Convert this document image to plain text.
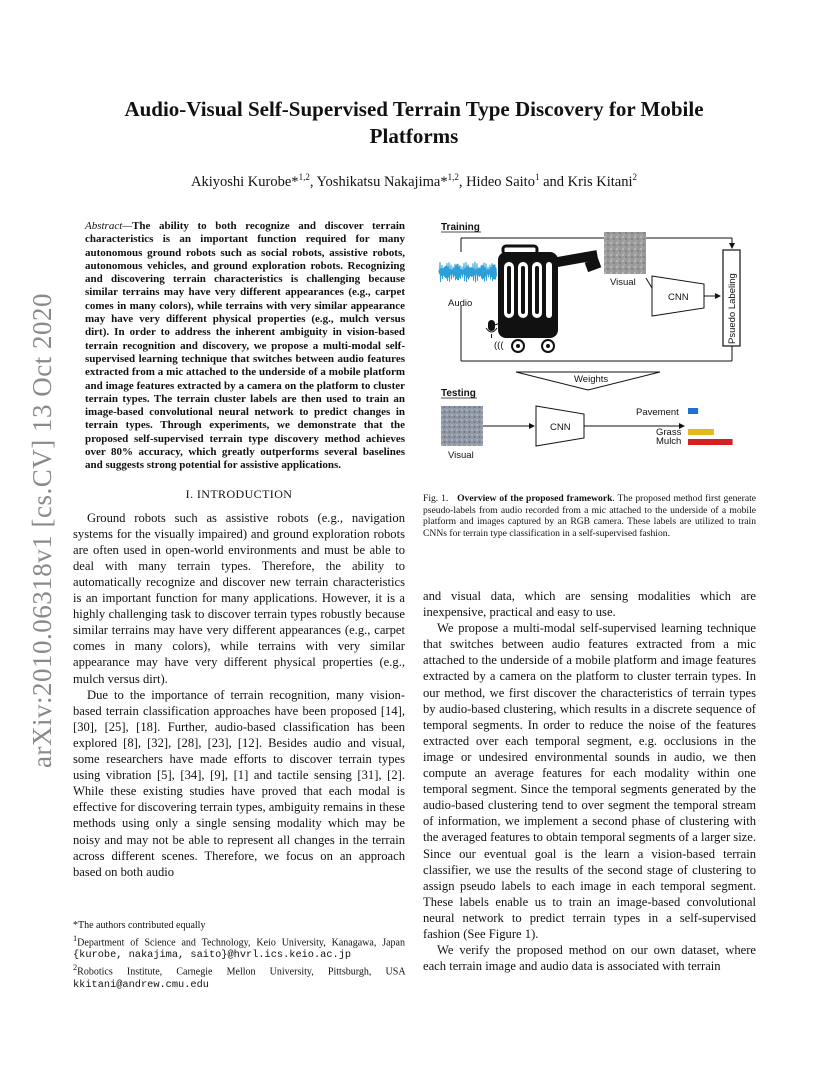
arXiv:2010.06318v1 [cs.CV] 13 Oct 2020
Audio-Visual Self-Supervised Terrain Type Discovery for Mobile Platforms
Akiyoshi Kurobe*$^{1,2}$, Yoshikatsu Nakajima*$^{1,2}$, Hideo Saito$^1$ and Kris Kitani$^2$

Abstract—The ability to both recognize and discover terrain characteristics is an important function required for many autonomous ground robots such as social robots, assistive robots, autonomous vehicles, and ground exploration robots. Recognizing and discovering terrain characteristics is challenging because similar terrains may have very different appearances (e.g., carpet comes in many colors), while terrains with very similar appearance may have very different physical properties (e.g., mulch versus dirt). In order to address the inherent ambiguity in vision-based terrain recognition and discovery, we propose a multi-modal self-supervised learning technique that switches between audio features extracted from a mic attached to the underside of a mobile platform and image features extracted by a camera on the platform to cluster terrain types. The terrain cluster labels are then used to train an image-based convolutional neural network to predict changes in terrain types. Through experiments, we demonstrate that the proposed self-supervised terrain type discovery method achieves over 80% accuracy, which greatly outperforms several baselines and suggests strong potential for assistive applications.

I. INTRODUCTION

Ground robots such as assistive robots (e.g., navigation systems for the visually impaired) and ground exploration robots are often used in open-world environments and must be able to deal with many terrain types. Therefore, the ability to automatically recognize and discover new terrain characteristics is an important function for many applications. However, it is a highly challenging task to discover terrain types robustly because similar terrains may have very different appearances (e.g., carpet comes in many colors), while terrains with very similar appearance may have very different physical properties (e.g., mulch versus dirt).

Due to the importance of terrain recognition, many vision-based terrain classification approaches have been proposed [14], [30], [25], [18]. Further, audio-based classification has been explored [8], [32], [28], [23], [12]. Besides audio and visual, some researchers have made efforts to discover terrain types using vibration [5], [34], [9], [1] and tactile sensing [31], [2]. While these existing studies have proved that each modal is effective for discovering terrain types, ambiguity remains in these methods using only a single sensing modality which may be noisy and may not be able to represent all changes in the terrain across different scenes. Therefore, we focus on an approach based on both audio

*The authors contributed equally

$^1$Department of Science and Technology, Keio University, Kanagawa, Japan {kurobe, nakajima, saito}@hvrl.ics.keio.ac.jp

$^2$Robotics Institute, Carnegie Mellon University, Pittsburgh, USA kkitani@andrew.cmu.edu

Training
Audio
(((
Visual
CNN	Psuedo Labeling
Weights
Testing
Visual
CNN
Pavement
Grass
Mulch
Fig. 1. Overview of the proposed framework. The proposed method first generate pseudo-labels from audio recorded from a mic attached to the underside of a mobile platform and images captured by an RGB camera. These labels are utilized to train CNNs for terrain type classification in a self-supervised fashion.

and visual data, which are sensing modalities which are inexpensive, practical and easy to use.

We propose a multi-modal self-supervised learning technique that switches between audio features extracted from a mic attached to the underside of a mobile platform and image features extracted by a camera on the platform to cluster terrain types. In our method, we first discover the characteristics of terrain types by audio-based clustering, which results in a discrete sequence of temporal segments. In order to reduce the noise of the features extracted over each temporal segment, e.g. occlusions in the image or undesired environmental sounds in audio, we then compute an average features for each modality within one temporal segment. Since the temporal segments generated by the audio-based clustering tend to over segment the temporal stream of information, we implement a second phase of clustering with the averaged features to obtain temporal segments of a larger size. Since our eventual goal is the learn a vision-based terrain classifier, we use the results of the second stage of clustering to assign pseudo labels to each image in each temporal segment. These labels enable us to train an image-based convolutional neural network to predict terrain types in a self-supervised fashion (See Figure 1).

We verify the proposed method on our own dataset, where each terrain image and audio data is associated with terrain
